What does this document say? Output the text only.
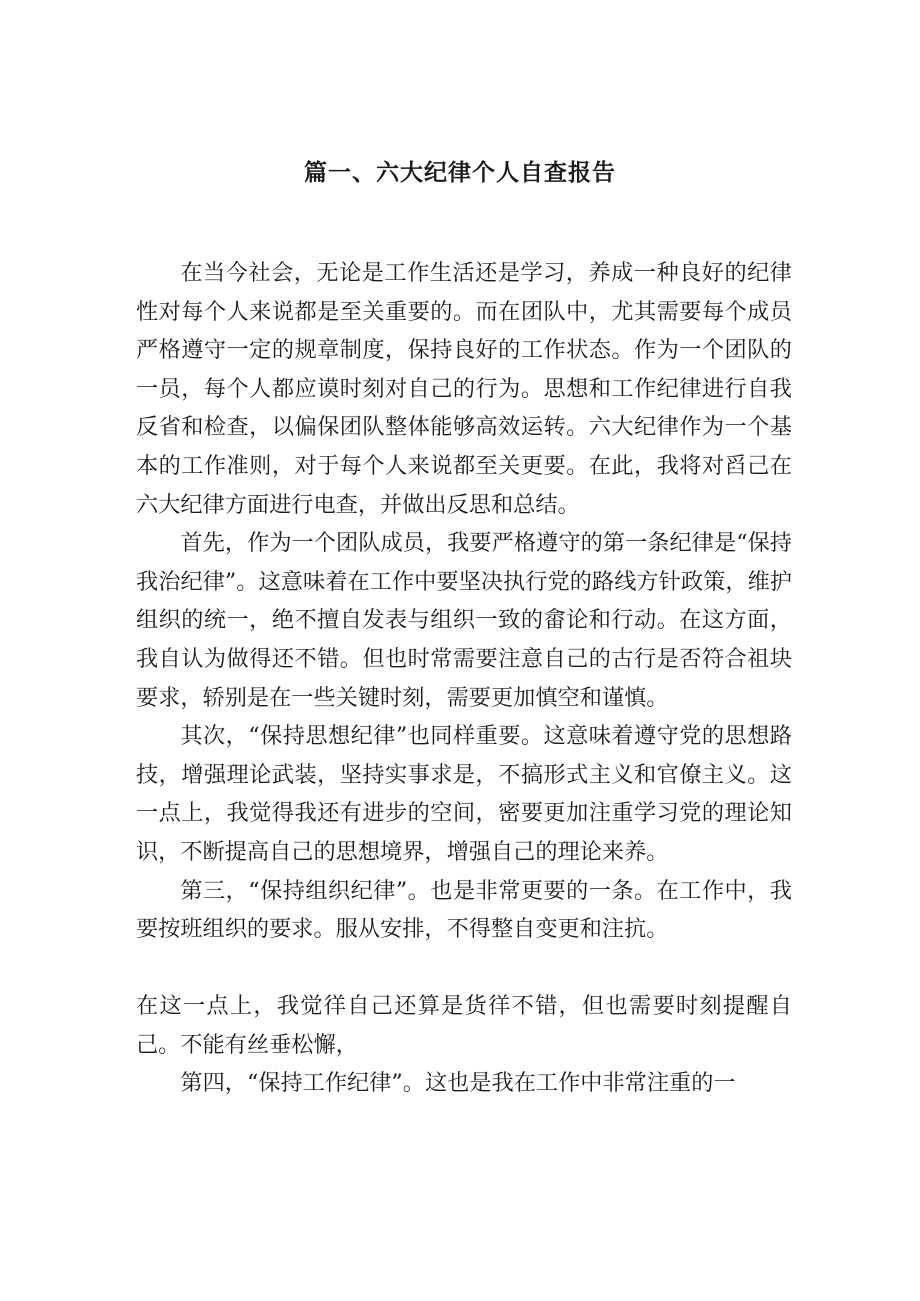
篇一、六大纪律个人自查报告

在当今社会，无论是工作生活还是学习，养成一种良好的纪律性对每个人来说都是至关重要的。而在团队中，尤其需要每个成员严格遵守一定的规章制度，保持良好的工作状态。作为一个团队的一员，每个人都应谟时刻对自己的行为。思想和工作纪律进行自我反省和检查，以偏保团队整体能够高效运转。六大纪律作为一个基本的工作准则，对于每个人来说都至关更要。在此，我将对舀己在六大纪律方面进行电查，并做出反思和总结。

首先，作为一个团队成员，我要严格遵守的第一条纪律是“保持我治纪律”。这意味着在工作中要坚决执行党的路线方针政策，维护组织的统一，绝不擅自发表与组织一致的畲论和行动。在这方面，我自认为做得还不错。但也时常需要注意自己的古行是否符合祖块要求，轿别是在一些关键时刻，需要更加慎空和谨慎。

其次，“保持思想纪律”也同样重要。这意味着遵守党的思想路技，增强理论武装，坚持实事求是，不搞形式主义和官僚主义。这一点上，我觉得我还有进步的空间，密要更加注重学习党的理论知识，不断提高自己的思想境界，增强自己的理论来养。

第三，“保持组织纪律”。也是非常更要的一条。在工作中，我要按班组织的要求。服从安排，不得整自变更和注抗。

在这一点上，我觉徉自己还算是货徉不错，但也需要时刻提醒自己。不能有丝垂松懈，

第四，“保持工作纪律”。这也是我在工作中非常注重的一
